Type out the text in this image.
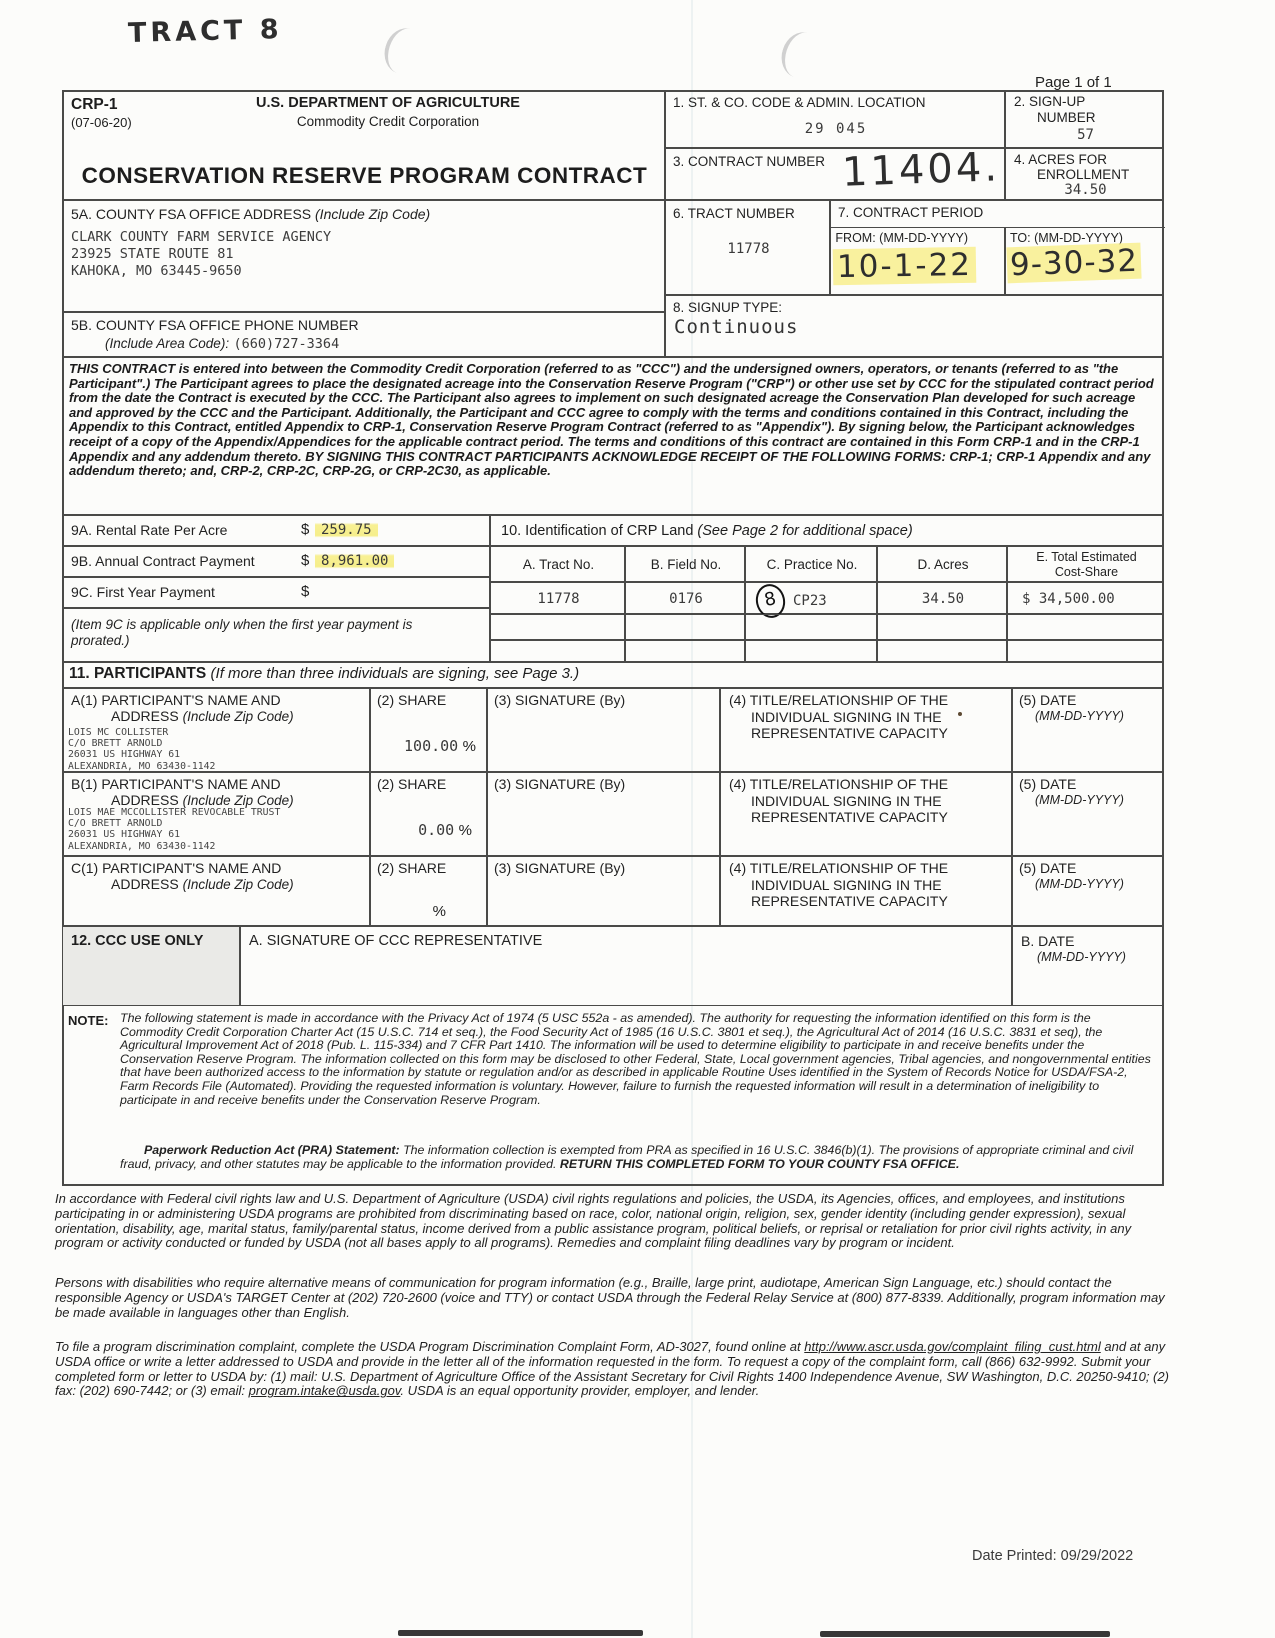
TRACT 8
Page 1 of 1
CRP-1
(07-06-20)
U.S. DEPARTMENT OF AGRICULTURE
Commodity Credit Corporation
CONSERVATION RESERVE PROGRAM CONTRACT
1. ST. & CO. CODE & ADMIN. LOCATION
29 045
2. SIGN-UP
NUMBER
57
3. CONTRACT NUMBER 11404. 4. ACRES FOR
ENROLLMENT
34.50
5A. COUNTY FSA OFFICE ADDRESS (Include Zip Code)
CLARK COUNTY FARM SERVICE AGENCY
23925 STATE ROUTE 81
KAHOKA, MO 63445-9650
6. TRACT NUMBER
11778
7. CONTRACT PERIOD
FROM: (MM-DD-YYYY)
10-1-22
TO: (MM-DD-YYYY)
9-30-32
8. SIGNUP TYPE:
Continuous
5B. COUNTY FSA OFFICE PHONE NUMBER
(Include Area Code): (660)727-3364
THIS CONTRACT is entered into between the Commodity Credit Corporation (referred to as "CCC") and the undersigned owners, operators, or tenants (referred to as "the Participant".) The Participant agrees to place the designated acreage into the Conservation Reserve Program ("CRP") or other use set by CCC for the stipulated contract period from the date the Contract is executed by the CCC. The Participant also agrees to implement on such designated acreage the Conservation Plan developed for such acreage and approved by the CCC and the Participant. Additionally, the Participant and CCC agree to comply with the terms and conditions contained in this Contract, including the Appendix to this Contract, entitled Appendix to CRP-1, Conservation Reserve Program Contract (referred to as "Appendix"). By signing below, the Participant acknowledges receipt of a copy of the Appendix/Appendices for the applicable contract period. The terms and conditions of this contract are contained in this Form CRP-1 and in the CRP-1 Appendix and any addendum thereto. BY SIGNING THIS CONTRACT PARTICIPANTS ACKNOWLEDGE RECEIPT OF THE FOLLOWING FORMS: CRP-1; CRP-1 Appendix and any addendum thereto; and, CRP-2, CRP-2C, CRP-2G, or CRP-2C30, as applicable.
9A. Rental Rate Per Acre	$ 259.75
9B. Annual Contract Payment	$ 8,961.00
9C. First Year Payment	$
(Item 9C is applicable only when the first year payment is prorated.)
10. Identification of CRP Land (See Page 2 for additional space)
A. Tract No.	B. Field No.	C. Practice No.	D. Acres	E. Total Estimated
Cost-Share
11778	0176	8 CP23	34.50	$ 34,500.00
11. PARTICIPANTS (If more than three individuals are signing, see Page 3.)
A(1) PARTICIPANT'S NAME AND
ADDRESS (Include Zip Code)
LOIS MC COLLISTER
C/O BRETT ARNOLD
26031 US HIGHWAY 61
ALEXANDRIA, MO 63430-1142
(2) SHARE
100.00 %
(3) SIGNATURE (By)	(4) TITLE/RELATIONSHIP OF THE
INDIVIDUAL SIGNING IN THE
REPRESENTATIVE CAPACITY
(5) DATE
(MM-DD-YYYY)
B(1) PARTICIPANT'S NAME AND
ADDRESS (Include Zip Code)
LOIS MAE MCCOLLISTER REVOCABLE TRUST
C/O BRETT ARNOLD
26031 US HIGHWAY 61
ALEXANDRIA, MO 63430-1142
(2) SHARE
0.00 %
(3) SIGNATURE (By)	(4) TITLE/RELATIONSHIP OF THE
INDIVIDUAL SIGNING IN THE
REPRESENTATIVE CAPACITY
(5) DATE
(MM-DD-YYYY)
C(1) PARTICIPANT'S NAME AND
ADDRESS (Include Zip Code)
(2) SHARE
%
(3) SIGNATURE (By)	(4) TITLE/RELATIONSHIP OF THE
INDIVIDUAL SIGNING IN THE
REPRESENTATIVE CAPACITY
(5) DATE
(MM-DD-YYYY)
12. CCC USE ONLY	A. SIGNATURE OF CCC REPRESENTATIVE	B. DATE
(MM-DD-YYYY)
NOTE: The following statement is made in accordance with the Privacy Act of 1974 (5 USC 552a - as amended). The authority for requesting the information identified on this form is the Commodity Credit Corporation Charter Act (15 U.S.C. 714 et seq.), the Food Security Act of 1985 (16 U.S.C. 3801 et seq.), the Agricultural Act of 2014 (16 U.S.C. 3831 et seq), the Agricultural Improvement Act of 2018 (Pub. L. 115-334) and 7 CFR Part 1410. The information will be used to determine eligibility to participate in and receive benefits under the Conservation Reserve Program. The information collected on this form may be disclosed to other Federal, State, Local government agencies, Tribal agencies, and nongovernmental entities that have been authorized access to the information by statute or regulation and/or as described in applicable Routine Uses identified in the System of Records Notice for USDA/FSA-2, Farm Records File (Automated). Providing the requested information is voluntary. However, failure to furnish the requested information will result in a determination of ineligibility to participate in and receive benefits under the Conservation Reserve Program.
Paperwork Reduction Act (PRA) Statement: The information collection is exempted from PRA as specified in 16 U.S.C. 3846(b)(1). The provisions of appropriate criminal and civil fraud, privacy, and other statutes may be applicable to the information provided. RETURN THIS COMPLETED FORM TO YOUR COUNTY FSA OFFICE.
In accordance with Federal civil rights law and U.S. Department of Agriculture (USDA) civil rights regulations and policies, the USDA, its Agencies, offices, and employees, and institutions participating in or administering USDA programs are prohibited from discriminating based on race, color, national origin, religion, sex, gender identity (including gender expression), sexual orientation, disability, age, marital status, family/parental status, income derived from a public assistance program, political beliefs, or reprisal or retaliation for prior civil rights activity, in any program or activity conducted or funded by USDA (not all bases apply to all programs). Remedies and complaint filing deadlines vary by program or incident.
Persons with disabilities who require alternative means of communication for program information (e.g., Braille, large print, audiotape, American Sign Language, etc.) should contact the responsible Agency or USDA's TARGET Center at (202) 720-2600 (voice and TTY) or contact USDA through the Federal Relay Service at (800) 877-8339. Additionally, program information may be made available in languages other than English.
To file a program discrimination complaint, complete the USDA Program Discrimination Complaint Form, AD-3027, found online at http://www.ascr.usda.gov/complaint_filing_cust.html and at any USDA office or write a letter addressed to USDA and provide in the letter all of the information requested in the form. To request a copy of the complaint form, call (866) 632-9992. Submit your completed form or letter to USDA by: (1) mail: U.S. Department of Agriculture Office of the Assistant Secretary for Civil Rights 1400 Independence Avenue, SW Washington, D.C. 20250-9410; (2) fax: (202) 690-7442; or (3) email: program.intake@usda.gov. USDA is an equal opportunity provider, employer, and lender.
Date Printed: 09/29/2022
